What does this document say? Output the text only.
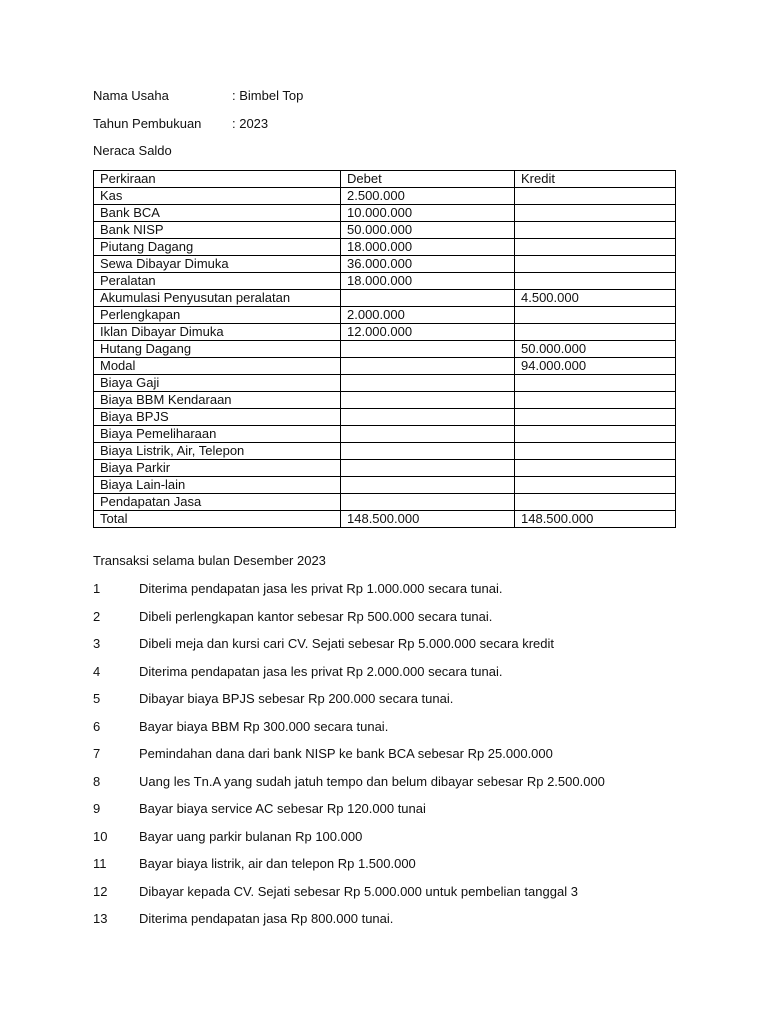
Nama Usaha	: Bimbel Top
Tahun Pembukuan : 2023
Neraca Saldo
Perkiraan	Debet	Kredit
Kas	2.500.000	
Bank BCA	10.000.000	
Bank NISP	50.000.000	
Piutang Dagang	18.000.000	
Sewa Dibayar Dimuka	36.000.000	
Peralatan	18.000.000	
Akumulasi Penyusutan peralatan		4.500.000
Perlengkapan	2.000.000	
Iklan Dibayar Dimuka	12.000.000	
Hutang Dagang		50.000.000
Modal		94.000.000
Biaya Gaji		
Biaya BBM Kendaraan		
Biaya BPJS		
Biaya Pemeliharaan		
Biaya Listrik, Air, Telepon		
Biaya Parkir		
Biaya Lain-lain		
Pendapatan Jasa		
Total	148.500.000	148.500.000
Transaksi selama bulan Desember 2023
1	Diterima pendapatan jasa les privat Rp 1.000.000 secara tunai.
2	Dibeli perlengkapan kantor sebesar Rp 500.000 secara tunai.
3	Dibeli meja dan kursi cari CV. Sejati sebesar Rp 5.000.000 secara kredit
4	Diterima pendapatan jasa les privat Rp 2.000.000 secara tunai.
5	Dibayar biaya BPJS sebesar Rp 200.000 secara tunai.
6	Bayar biaya BBM Rp 300.000 secara tunai.
7	Pemindahan dana dari bank NISP ke bank BCA sebesar Rp 25.000.000
8	Uang les Tn.A yang sudah jatuh tempo dan belum dibayar sebesar Rp 2.500.000
9	Bayar biaya service AC sebesar Rp 120.000 tunai
10 Bayar uang parkir bulanan Rp 100.000
11	Bayar biaya listrik, air dan telepon Rp 1.500.000
12 Dibayar kepada CV. Sejati sebesar Rp 5.000.000 untuk pembelian tanggal 3
13 Diterima pendapatan jasa Rp 800.000 tunai.
